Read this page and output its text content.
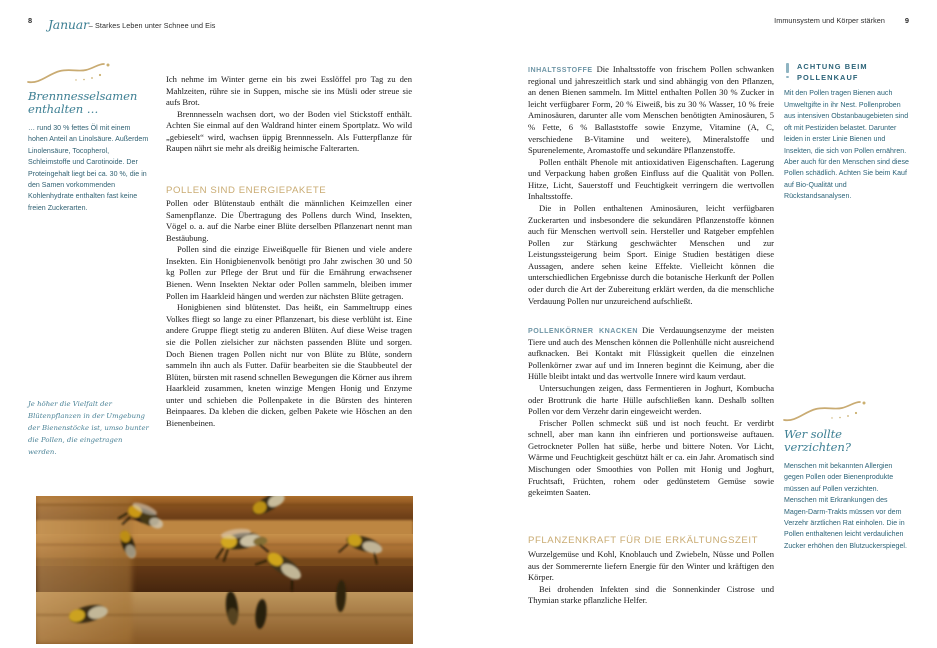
8 Januar– Starkes Leben unter Schnee und Eis
Immunsystem und Körper stärken	9
Brennnesselsamen
enthalten …
… rund 30 % fettes Öl mit einem hohen Anteil an Linolsäure. Außerdem Linolensäure, Tocopherol, Schleimstoffe und Carotinoide. Der Proteingehalt liegt bei ca. 30 %, die in den Samen vorkommenden Kohlenhydrate enthalten fast keine freien Zuckerarten.
Je höher die Vielfalt der Blütenpflanzen in der Umgebung der Bienenstöcke ist, umso bunter die Pollen, die eingetragen werden.

Ich nehme im Winter gerne ein bis zwei Esslöffel pro Tag zu den Mahlzeiten, rühre sie in Suppen, mische sie ins Müsli oder streue sie aufs Brot.

Brennnesseln wachsen dort, wo der Boden viel Stickstoff enthält. Achten Sie einmal auf den Waldrand hinter einem Sportplatz. Wo wild „gebieselt“ wird, wachsen üppig Brennnesseln. Als Futterpflanze für Raupen nährt sie mehr als dreißig heimische Falterarten.

POLLEN SIND ENERGIEPAKETE

Pollen oder Blütenstaub enthält die männlichen Keimzellen einer Samenpflanze. Die Übertragung des Pollens durch Wind, Insekten, Vögel o. a. auf die Narbe einer Blüte derselben Pflanzenart nennt man Bestäubung.

Pollen sind die einzige Eiweißquelle für Bienen und viele andere Insekten. Ein Honigbienenvolk benötigt pro Jahr zwischen 30 und 50 kg Pollen zur Pflege der Brut und für die Ernährung erwachsener Bienen. Wenn Insekten Nektar oder Pollen sammeln, bleiben immer Pollen im Haarkleid hängen und werden zur nächsten Blüte getragen.

Honigbienen sind blütenstet. Das heißt, ein Sammeltrupp eines Volkes fliegt so lange zu einer Pflanzenart, bis diese verblüht ist. Eine andere Gruppe fliegt stetig zu anderen Blüten. Auf diese Weise tragen sie die Pollen zielsicher zur nächsten passenden Blüte und sorgen. Doch Bienen tragen Pollen nicht nur von Blüte zu Blüte, sondern sammeln ihn auch als Futter. Dafür bearbeiten sie die Staubbeutel der Blüten, bürsten mit rasend schnellen Bewegungen die Körner aus ihrem Haarkleid zusammen, kneten winzige Mengen Honig und Enzyme unter und schieben die Pollenpakete in die Bürsten des hinteren Beinpaares. Da kleben die dicken, gelben Pakete wie Höschen an den Bienenbeinen.

INHALTSSTOFFE Die Inhaltsstoffe von frischem Pollen schwanken regional und jahreszeitlich stark und sind abhängig von den Pflanzen, an denen Bienen sammeln. Im Mittel enthalten Pollen 30 % Zucker in leicht verfügbarer Form, 20 % Eiweiß, bis zu 30 % Wasser, 10 % freie Aminosäuren, darunter alle vom Menschen benötigten Aminosäuren, 5 % Fette, 6 % Ballaststoffe sowie Enzyme, Vitamine (A, C, verschiedene B-Vitamine und weitere), Mineralstoffe und Spurenelemente, Aromastoffe und sekundäre Pflanzenstoffe.

Pollen enthält Phenole mit antioxidativen Eigenschaften. Lagerung und Verpackung haben großen Einfluss auf die Qualität von Pollen. Hitze, Licht, Sauerstoff und Feuchtigkeit verringern die wertvollen Inhaltsstoffe.

Die in Pollen enthaltenen Aminosäuren, leicht verfügbaren Zuckerarten und insbesondere die sekundären Pflanzenstoffe können auch für Menschen wertvoll sein. Hersteller und Ratgeber empfehlen Pollen zur Stärkung geschwächter Menschen und zur Leistungssteigerung beim Sport. Einige Studien bestätigen diese Aussagen, andere sehen keine Effekte. Vielleicht können die unterschiedlichen Ergebnisse durch die botanische Herkunft der Pollen oder durch die Art der Zubereitung erklärt werden, da die menschliche Verdauung Pollen nur unzureichend aufschließt.

POLLENKÖRNER KNACKEN Die Verdauungsenzyme der meisten Tiere und auch des Menschen können die Pollenhülle nicht ausreichend aufknacken. Bei Kontakt mit Flüssigkeit quellen die einzelnen Pollenkörner zwar auf und im Inneren beginnt die Keimung, aber die Hülle bleibt intakt und das wertvolle Innere wird kaum verdaut.

Untersuchungen zeigen, dass Fermentieren in Joghurt, Kombucha oder Brottrunk die harte Hülle aufschließen kann. Deshalb sollten Pollen vor dem Verzehr darin eingeweicht werden.

Frischer Pollen schmeckt süß und ist noch feucht. Er verdirbt schnell, aber man kann ihn einfrieren und portionsweise auftauen. Getrockneter Pollen hat süße, herbe und bittere Noten. Vor Licht, Wärme und Feuchtigkeit geschützt hält er ca. ein Jahr. Aromatisch sind Mischungen oder Smoothies von Pollen mit Honig und Joghurt, Fruchtsaft, Früchten, rohem oder gedünstetem Gemüse sowie gekeimten Saaten.

PFLANZENKRAFT FÜR DIE ERKÄLTUNGSZEIT

Wurzelgemüse und Kohl, Knoblauch und Zwiebeln, Nüsse und Pollen aus der Sommerernte liefern Energie für den Winter und kräftigen den Körper.

Bei drohenden Infekten sind die Sonnenkinder Cistrose und Thymian starke pflanzliche Helfer.

ACHTUNG BEIM
POLLENKAUF
Mit den Pollen tragen Bienen auch Umweltgifte in ihr Nest. Pollenproben aus intensiven Obstanbaugebieten sind oft mit Pestiziden belastet. Darunter leiden in erster Linie Bienen und Insekten, die sich von Pollen ernähren. Aber auch für den Menschen sind diese Pollen schädlich. Achten Sie beim Kauf auf Bio-Qualität und Rückstandsanalysen.
Wer sollte
verzichten?
Menschen mit bekannten Allergien gegen Pollen oder Bienenprodukte müssen auf Pollen verzichten. Menschen mit Erkrankungen des Magen-Darm-Trakts müssen vor dem Verzehr ärztlichen Rat einholen. Die in Pollen enthaltenen leicht verdaulichen Zucker erhöhen den Blutzuckerspiegel.
